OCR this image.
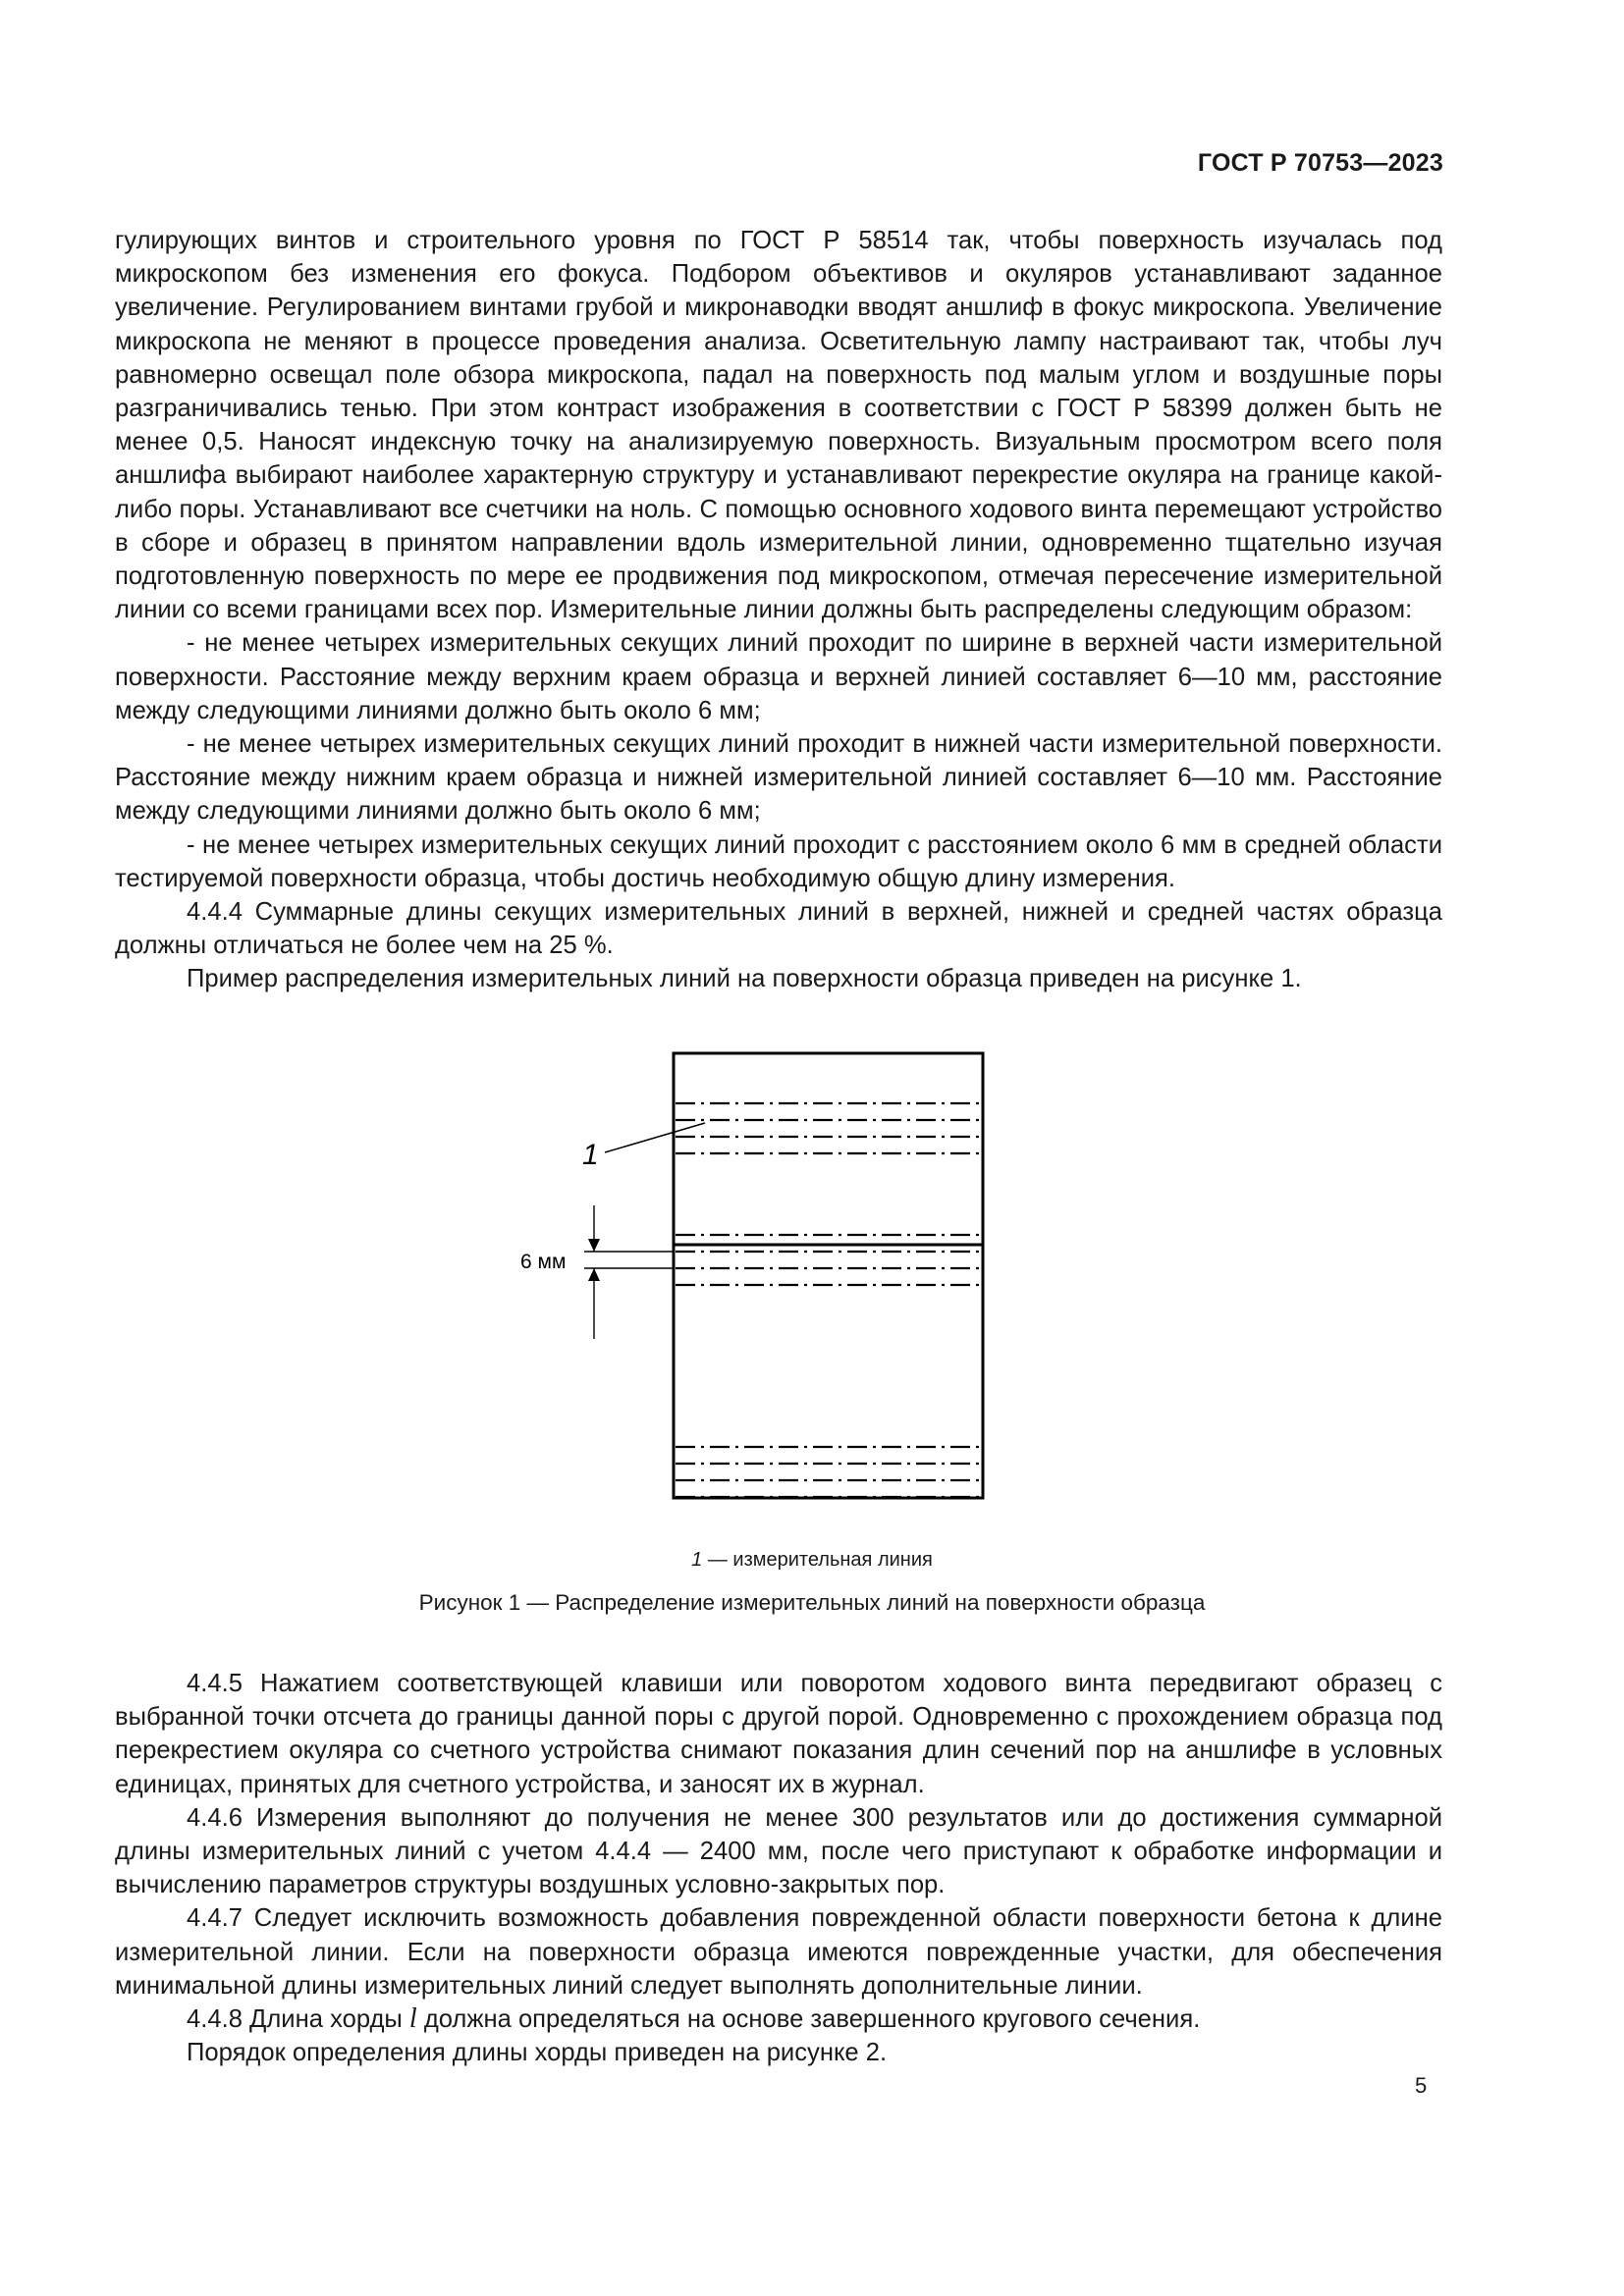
ГОСТ Р 70753—2023

гулирующих винтов и строительного уровня по ГОСТ Р 58514 так, чтобы поверхность изучалась под микроскопом без изменения его фокуса. Подбором объективов и окуляров устанавливают заданное увеличение. Регулированием винтами грубой и микронаводки вводят аншлиф в фокус микроскопа. Увеличение микроскопа не меняют в процессе проведения анализа. Осветительную лампу настраивают так, чтобы луч равномерно освещал поле обзора микроскопа, падал на поверхность под малым углом и воздушные поры разграничивались тенью. При этом контраст изображения в соответствии с ГОСТ Р 58399 должен быть не менее 0,5. Наносят индексную точку на анализируемую поверхность. Визуальным просмотром всего поля аншлифа выбирают наиболее характерную структуру и устанавливают перекрестие окуляра на границе какой-либо поры. Устанавливают все счетчики на ноль. С помощью основного ходового винта перемещают устройство в сборе и образец в принятом направлении вдоль измерительной линии, одновременно тщательно изучая подготовленную поверхность по мере ее продвижения под микроскопом, отмечая пересечение измерительной линии со всеми границами всех пор. Измерительные линии должны быть распределены следующим образом:

- не менее четырех измерительных секущих линий проходит по ширине в верхней части измерительной поверхности. Расстояние между верхним краем образца и верхней линией составляет 6—10 мм, расстояние между следующими линиями должно быть около 6 мм;

- не менее четырех измерительных секущих линий проходит в нижней части измерительной поверхности. Расстояние между нижним краем образца и нижней измерительной линией составляет 6—10 мм. Расстояние между следующими линиями должно быть около 6 мм;

- не менее четырех измерительных секущих линий проходит с расстоянием около 6 мм в средней области тестируемой поверхности образца, чтобы достичь необходимую общую длину измерения.

4.4.4 Суммарные длины секущих измерительных линий в верхней, нижней и средней частях образца должны отличаться не более чем на 25 %.

Пример распределения измерительных линий на поверхности образца приведен на рисунке 1.

1
6 мм
1 — измерительная линия
Рисунок 1 — Распределение измерительных линий на поверхности образца

4.4.5 Нажатием соответствующей клавиши или поворотом ходового винта передвигают образец с выбранной точки отсчета до границы данной поры с другой порой. Одновременно с прохождением образца под перекрестием окуляра со счетного устройства снимают показания длин сечений пор на аншлифе в условных единицах, принятых для счетного устройства, и заносят их в журнал.

4.4.6 Измерения выполняют до получения не менее 300 результатов или до достижения суммарной длины измерительных линий с учетом 4.4.4 — 2400 мм, после чего приступают к обработке информации и вычислению параметров структуры воздушных условно-закрытых пор.

4.4.7 Следует исключить возможность добавления поврежденной области поверхности бетона к длине измерительной линии. Если на поверхности образца имеются поврежденные участки, для обеспечения минимальной длины измерительных линий следует выполнять дополнительные линии.

4.4.8 Длина хорды l должна определяться на основе завершенного кругового сечения.

Порядок определения длины хорды приведен на рисунке 2.

5
